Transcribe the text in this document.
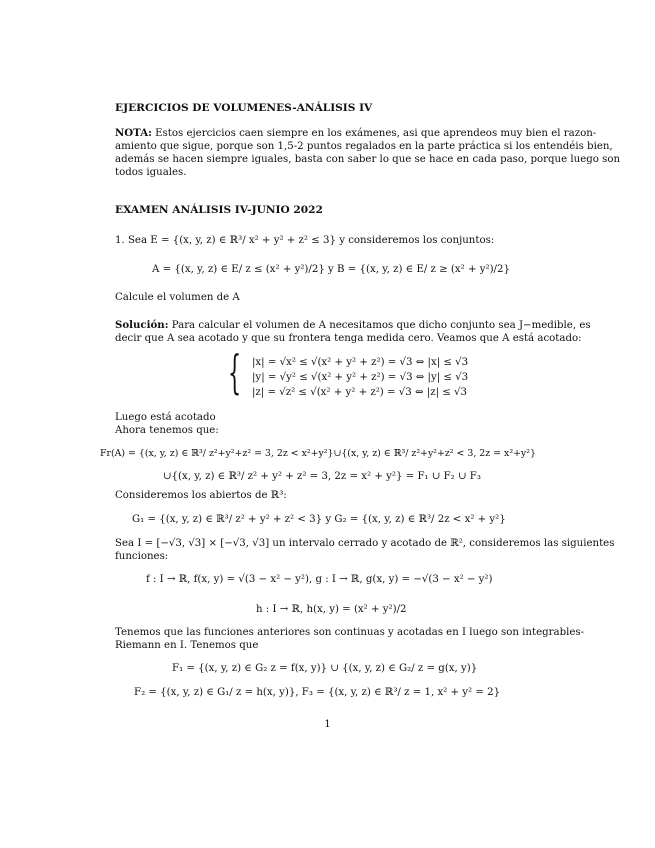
EJERCICIOS DE VOLUMENES-ANÁLISIS IV
NOTA: Estos ejercicios caen siempre en los exámenes, asi que aprendeos muy bien el razon-
amiento que sigue, porque son 1,5-2 puntos regalados en la parte práctica si los entendéis bien,
además se hacen siempre iguales, basta con saber lo que se hace en cada paso, porque luego son
todos iguales.
EXAMEN ANÁLISIS IV-JUNIO 2022
1. Sea E = {(x, y, z) ∈ ℝ³/ x² + y² + z² ≤ 3} y consideremos los conjuntos:
A = {(x, y, z) ∈ E/ z ≤ (x² + y²)/2} y B = {(x, y, z) ∈ E/ z ≥ (x² + y²)/2}
Calcule el volumen de A
Solución: Para calcular el volumen de A necesitamos que dicho conjunto sea J−medible, es
decir que A sea acotado y que su frontera tenga medida cero. Veamos que A está acotado:
{ |x| = √x² ≤ √(x² + y² + z²) = √3 ⇔ |x| ≤ √3
|y| = √y² ≤ √(x² + y² + z²) = √3 ⇔ |y| ≤ √3
|z| = √z² ≤ √(x² + y² + z²) = √3 ⇔ |z| ≤ √3
Luego está acotado
Ahora tenemos que:
Fr(A) = {(x, y, z) ∈ ℝ³/ z²+y²+z² = 3, 2z < x²+y²}∪{(x, y, z) ∈ ℝ³/ z²+y²+z² < 3, 2z = x²+y²}
∪{(x, y, z) ∈ ℝ³/ z² + y² + z² = 3, 2z = x² + y²} = F₁ ∪ F₂ ∪ F₃
Consideremos los abiertos de ℝ³:
G₁ = {(x, y, z) ∈ ℝ³/ z² + y² + z² < 3} y G₂ = {(x, y, z) ∈ ℝ³/ 2z < x² + y²}
Sea I = [−√3, √3] × [−√3, √3] un intervalo cerrado y acotado de ℝ², consideremos las siguientes
funciones:
f : I → ℝ, f(x, y) = √(3 − x² − y²), g : I → ℝ, g(x, y) = −√(3 − x² − y²)
h : I → ℝ, h(x, y) = (x² + y²)/2
Tenemos que las funciones anteriores son continuas y acotadas en I luego son integrables-
Riemann en I. Tenemos que
F₁ = {(x, y, z) ∈ G₂ z = f(x, y)} ∪ {(x, y, z) ∈ G₂/ z = g(x, y)}
F₂ = {(x, y, z) ∈ G₁/ z = h(x, y)}, F₃ = {(x, y, z) ∈ ℝ³/ z = 1, x² + y² = 2}
1
